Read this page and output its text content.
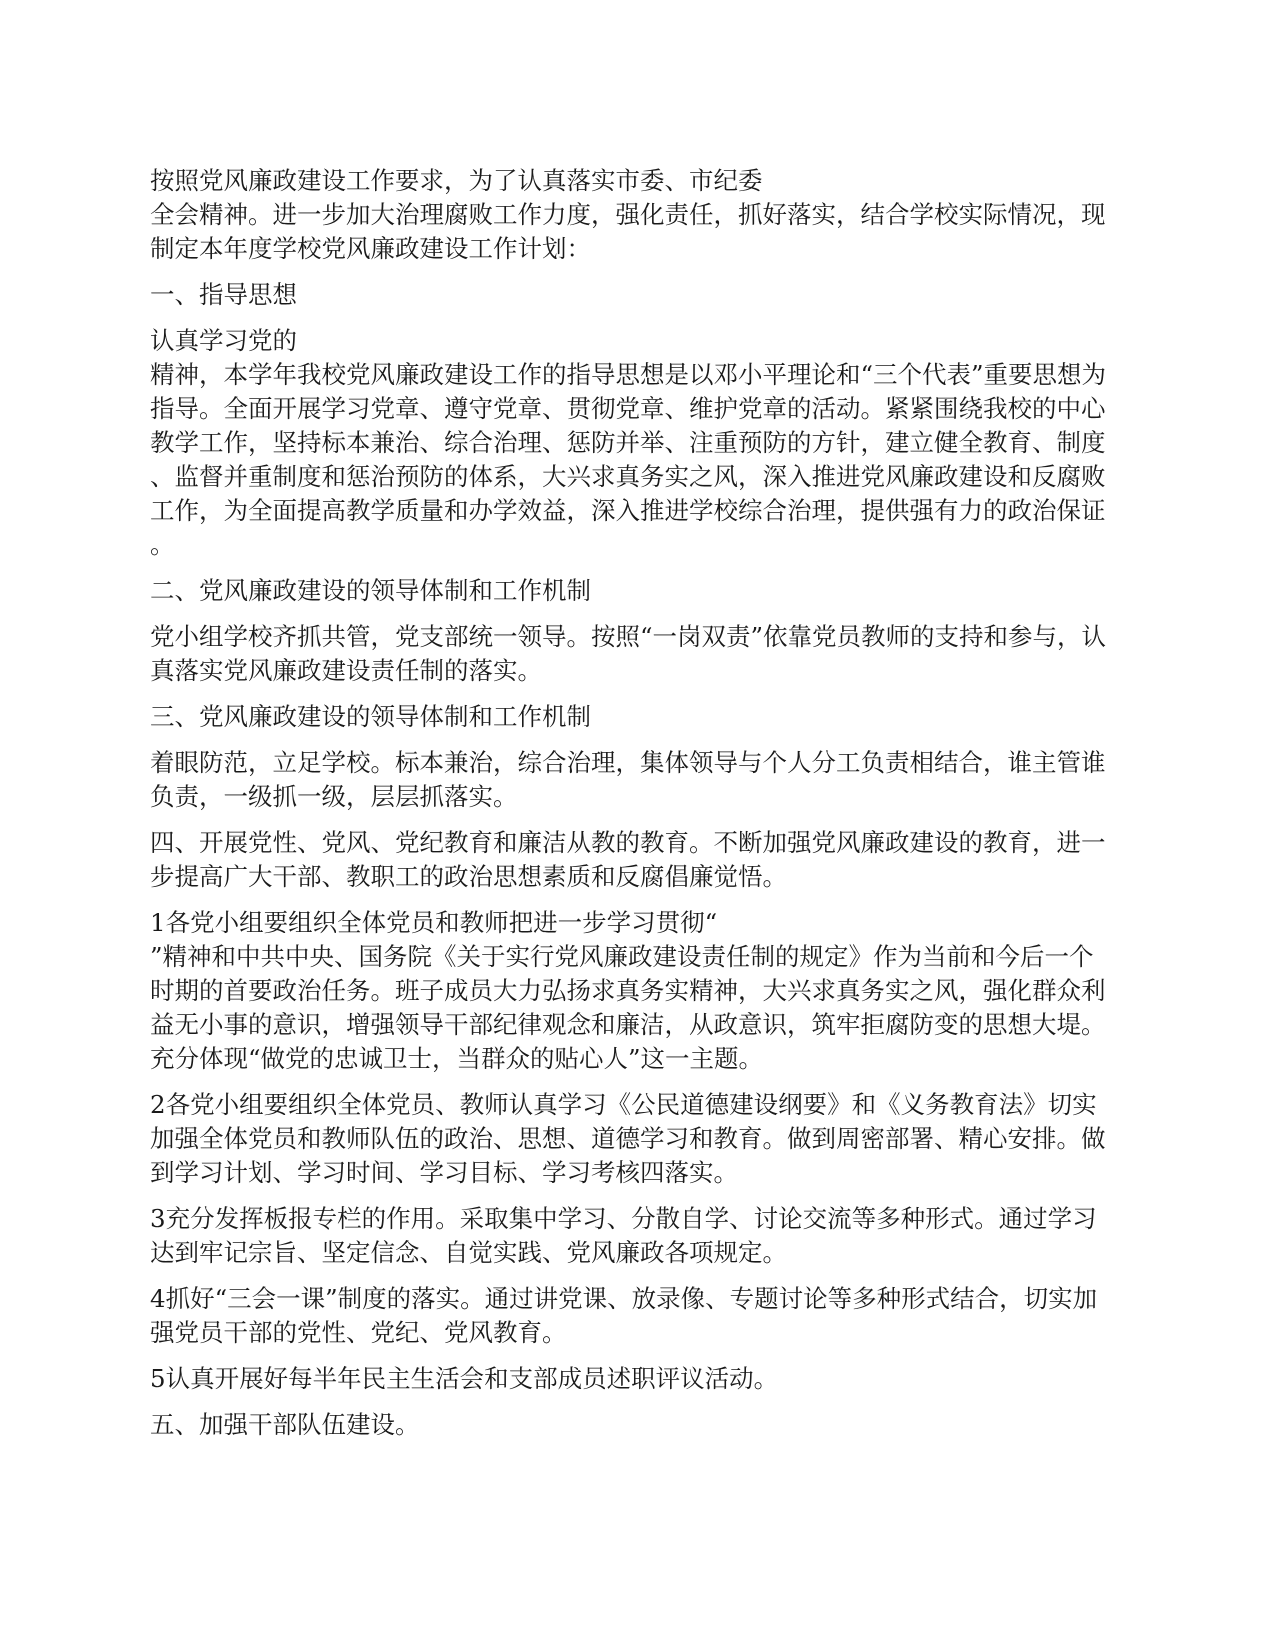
按照党风廉政建设工作要求，为了认真落实市委、市纪委
全会精神。进一步加大治理腐败工作力度，强化责任，抓好落实，结合学校实际情况，现
制定本年度学校党风廉政建设工作计划：
一、指导思想
认真学习党的
精神，本学年我校党风廉政建设工作的指导思想是以邓小平理论和“三个代表”重要思想为
指导。全面开展学习党章、遵守党章、贯彻党章、维护党章的活动。紧紧围绕我校的中心
教学工作，坚持标本兼治、综合治理、惩防并举、注重预防的方针，建立健全教育、制度
、监督并重制度和惩治预防的体系，大兴求真务实之风，深入推进党风廉政建设和反腐败
工作，为全面提高教学质量和办学效益，深入推进学校综合治理，提供强有力的政治保证
。
二、党风廉政建设的领导体制和工作机制
党小组学校齐抓共管，党支部统一领导。按照“一岗双责”依靠党员教师的支持和参与，认
真落实党风廉政建设责任制的落实。
三、党风廉政建设的领导体制和工作机制
着眼防范，立足学校。标本兼治，综合治理，集体领导与个人分工负责相结合，谁主管谁
负责，一级抓一级，层层抓落实。
四、开展党性、党风、党纪教育和廉洁从教的教育。不断加强党风廉政建设的教育，进一
步提高广大干部、教职工的政治思想素质和反腐倡廉觉悟。
1各党小组要组织全体党员和教师把进一步学习贯彻“
”精神和中共中央、国务院《关于实行党风廉政建设责任制的规定》作为当前和今后一个
时期的首要政治任务。班子成员大力弘扬求真务实精神，大兴求真务实之风，强化群众利
益无小事的意识，增强领导干部纪律观念和廉洁，从政意识，筑牢拒腐防变的思想大堤。
充分体现“做党的忠诚卫士，当群众的贴心人”这一主题。
2各党小组要组织全体党员、教师认真学习《公民道德建设纲要》和《义务教育法》切实
加强全体党员和教师队伍的政治、思想、道德学习和教育。做到周密部署、精心安排。做
到学习计划、学习时间、学习目标、学习考核四落实。
3充分发挥板报专栏的作用。采取集中学习、分散自学、讨论交流等多种形式。通过学习
达到牢记宗旨、坚定信念、自觉实践、党风廉政各项规定。
4抓好“三会一课”制度的落实。通过讲党课、放录像、专题讨论等多种形式结合，切实加
强党员干部的党性、党纪、党风教育。
5认真开展好每半年民主生活会和支部成员述职评议活动。
五、加强干部队伍建设。
